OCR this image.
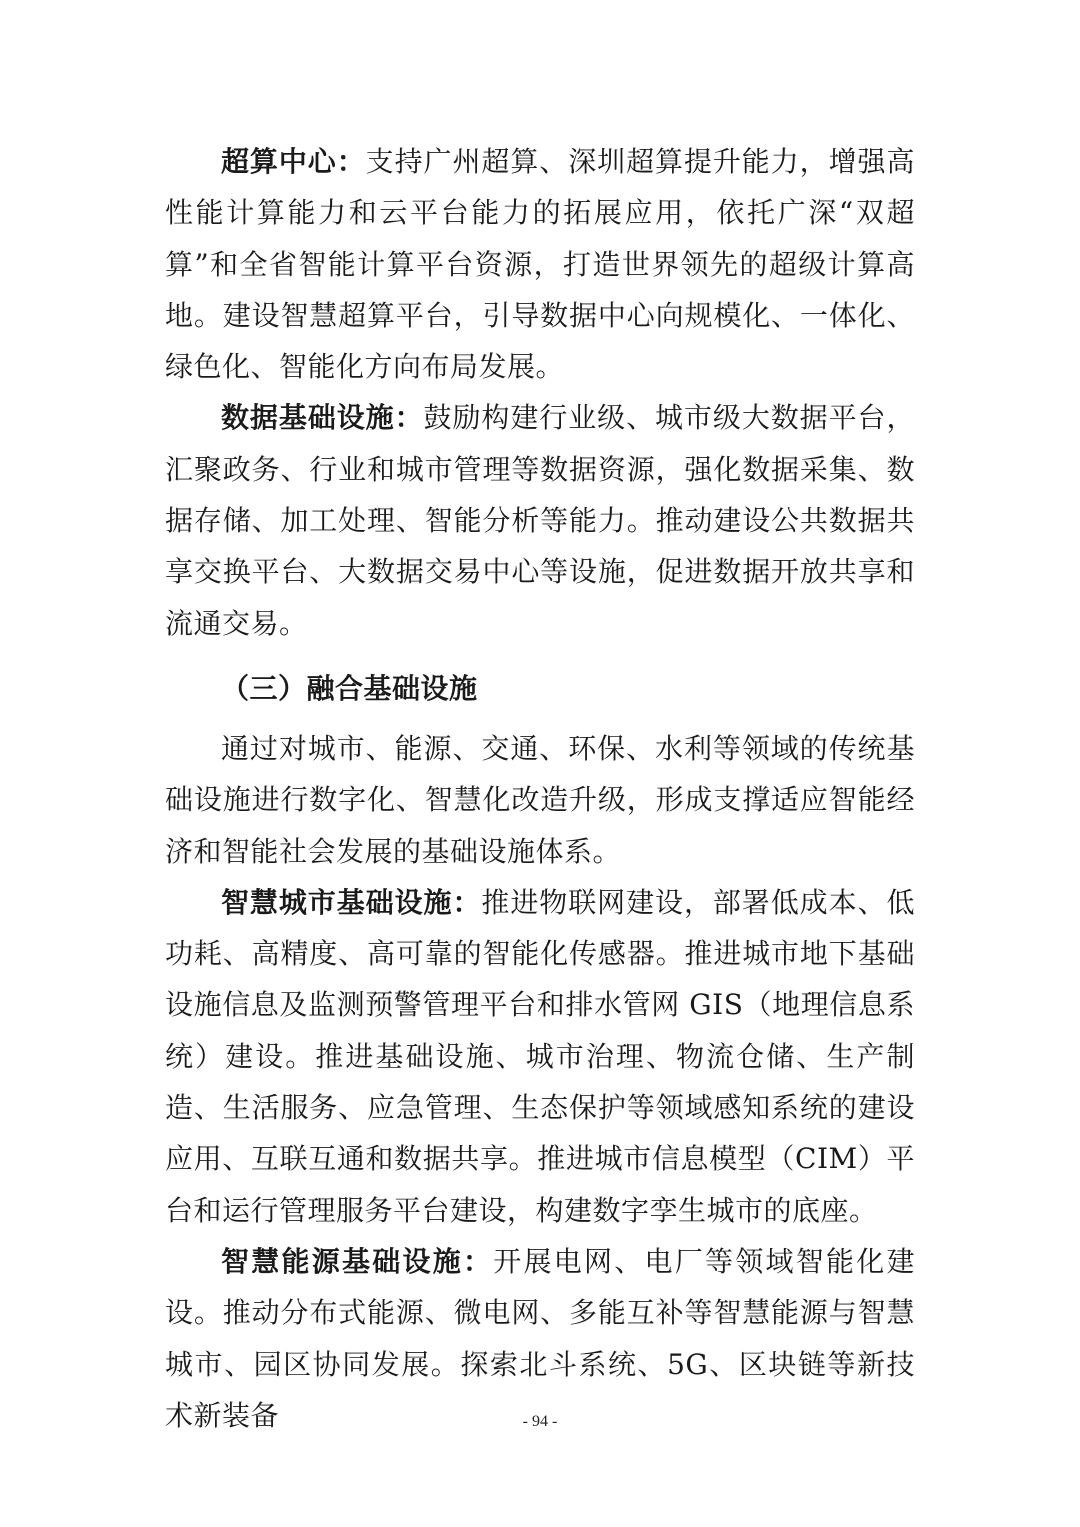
超算中心：支持广州超算、深圳超算提升能力，增强高性能计算能力和云平台能力的拓展应用，依托广深“双超算”和全省智能计算平台资源，打造世界领先的超级计算高地。建设智慧超算平台，引导数据中心向规模化、一体化、绿色化、智能化方向布局发展。

数据基础设施：鼓励构建行业级、城市级大数据平台，汇聚政务、行业和城市管理等数据资源，强化数据采集、数据存储、加工处理、智能分析等能力。推动建设公共数据共享交换平台、大数据交易中心等设施，促进数据开放共享和流通交易。

（三）融合基础设施

通过对城市、能源、交通、环保、水利等领域的传统基础设施进行数字化、智慧化改造升级，形成支撑适应智能经济和智能社会发展的基础设施体系。

智慧城市基础设施：推进物联网建设，部署低成本、低功耗、高精度、高可靠的智能化传感器。推进城市地下基础设施信息及监测预警管理平台和排水管网 GIS（地理信息系统）建设。推进基础设施、城市治理、物流仓储、生产制造、生活服务、应急管理、生态保护等领域感知系统的建设应用、互联互通和数据共享。推进城市信息模型（CIM）平台和运行管理服务平台建设，构建数字孪生城市的底座。

智慧能源基础设施：开展电网、电厂等领域智能化建设。推动分布式能源、微电网、多能互补等智慧能源与智慧城市、园区协同发展。探索北斗系统、5G、区块链等新技术新装备	- 94 -
